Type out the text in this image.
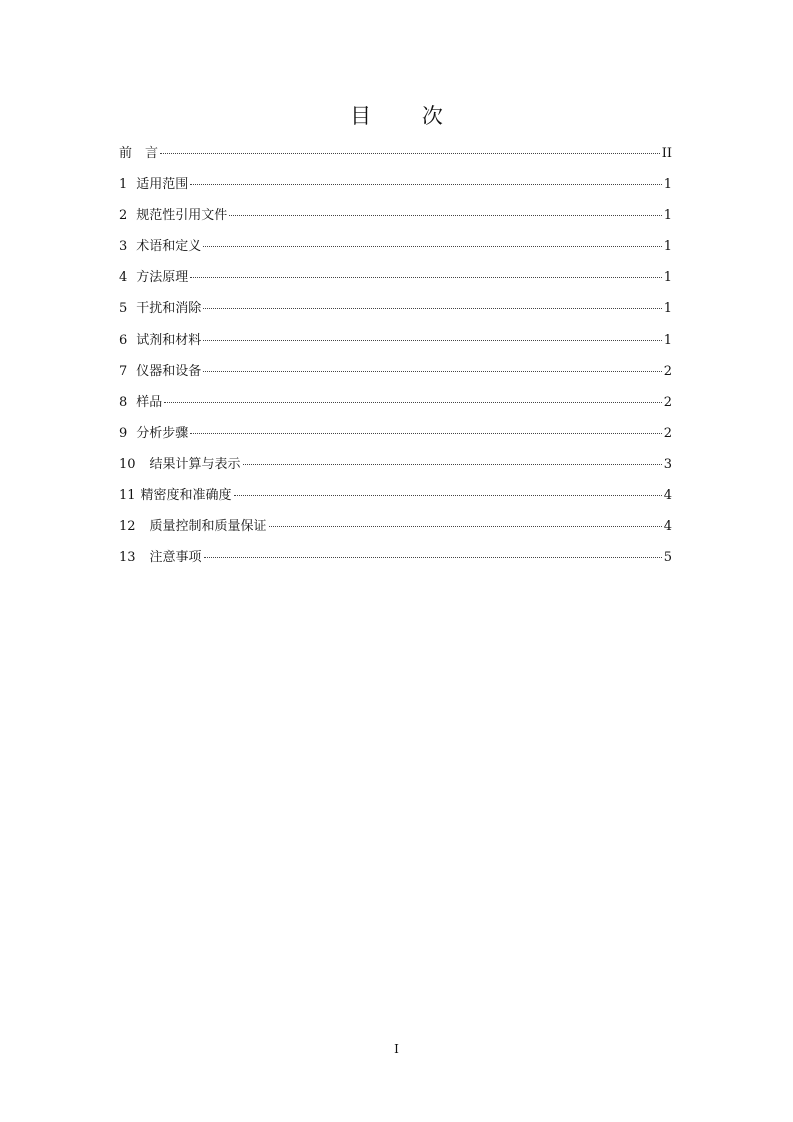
目 次
前　言	II
1 适用范围	1
2 规范性引用文件	1
3 术语和定义	1
4 方法原理	1
5 干扰和消除	1
6 试剂和材料	1
7 仪器和设备	2
8 样品	2
9 分析步骤	2
10	结果计算与表示	3
11 精密度和准确度	4
12	质量控制和质量保证	4
13	注意事项	5
I
